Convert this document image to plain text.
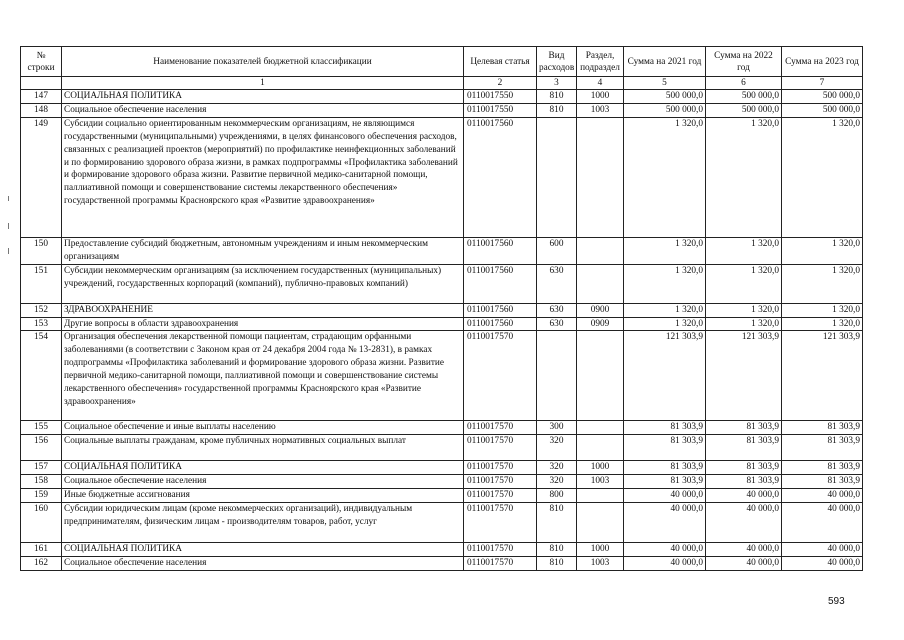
№ строки	Наименование показателей бюджетной классификации	Целевая статья	Вид расходов	Раздел, подраздел	Сумма на 2021 год	Сумма на 2022 год	Сумма на 2023 год
	1	2	3	4	5	6	7
147	СОЦИАЛЬНАЯ ПОЛИТИКА	0110017550	810	1000	500 000,0	500 000,0	500 000,0
148	Социальное обеспечение населения	0110017550	810	1003	500 000,0	500 000,0	500 000,0
149	Субсидии социально ориентированным некоммерческим организациям, не являющимся государственными (муниципальными) учреждениями, в целях финансового обеспечения расходов, связанных с реализацией проектов (мероприятий) по профилактике неинфекционных заболеваний и по формированию здорового образа жизни, в рамках подпрограммы «Профилактика заболеваний и формирование здорового образа жизни. Развитие первичной медико-санитарной помощи, паллиативной помощи и совершенствование системы лекарственного обеспечения» государственной программы Красноярского края «Развитие здравоохранения»	0110017560			1 320,0	1 320,0	1 320,0
150	Предоставление субсидий бюджетным, автономным учреждениям и иным некоммерческим организациям	0110017560	600		1 320,0	1 320,0	1 320,0
151	Субсидии некоммерческим организациям (за исключением государственных (муниципальных) учреждений, государственных корпораций (компаний), публично-правовых компаний)	0110017560	630		1 320,0	1 320,0	1 320,0
152	ЗДРАВООХРАНЕНИЕ	0110017560	630	0900	1 320,0	1 320,0	1 320,0
153	Другие вопросы в области здравоохранения	0110017560	630	0909	1 320,0	1 320,0	1 320,0
154	Организация обеспечения лекарственной помощи пациентам, страдающим орфанными заболеваниями (в соответствии с Законом края от 24 декабря 2004 года № 13-2831), в рамках подпрограммы «Профилактика заболеваний и формирование здорового образа жизни. Развитие первичной медико-санитарной помощи, паллиативной помощи и совершенствование системы лекарственного обеспечения» государственной программы Красноярского края «Развитие здравоохранения»	0110017570			121 303,9	121 303,9	121 303,9
155	Социальное обеспечение и иные выплаты населению	0110017570	300		81 303,9	81 303,9	81 303,9
156	Социальные выплаты гражданам, кроме публичных нормативных социальных выплат	0110017570	320		81 303,9	81 303,9	81 303,9
157	СОЦИАЛЬНАЯ ПОЛИТИКА	0110017570	320	1000	81 303,9	81 303,9	81 303,9
158	Социальное обеспечение населения	0110017570	320	1003	81 303,9	81 303,9	81 303,9
159	Иные бюджетные ассигнования	0110017570	800		40 000,0	40 000,0	40 000,0
160	Субсидии юридическим лицам (кроме некоммерческих организаций), индивидуальным предпринимателям, физическим лицам - производителям товаров, работ, услуг	0110017570	810		40 000,0	40 000,0	40 000,0
161	СОЦИАЛЬНАЯ ПОЛИТИКА	0110017570	810	1000	40 000,0	40 000,0	40 000,0
162	Социальное обеспечение населения	0110017570	810	1003	40 000,0	40 000,0	40 000,0
593
